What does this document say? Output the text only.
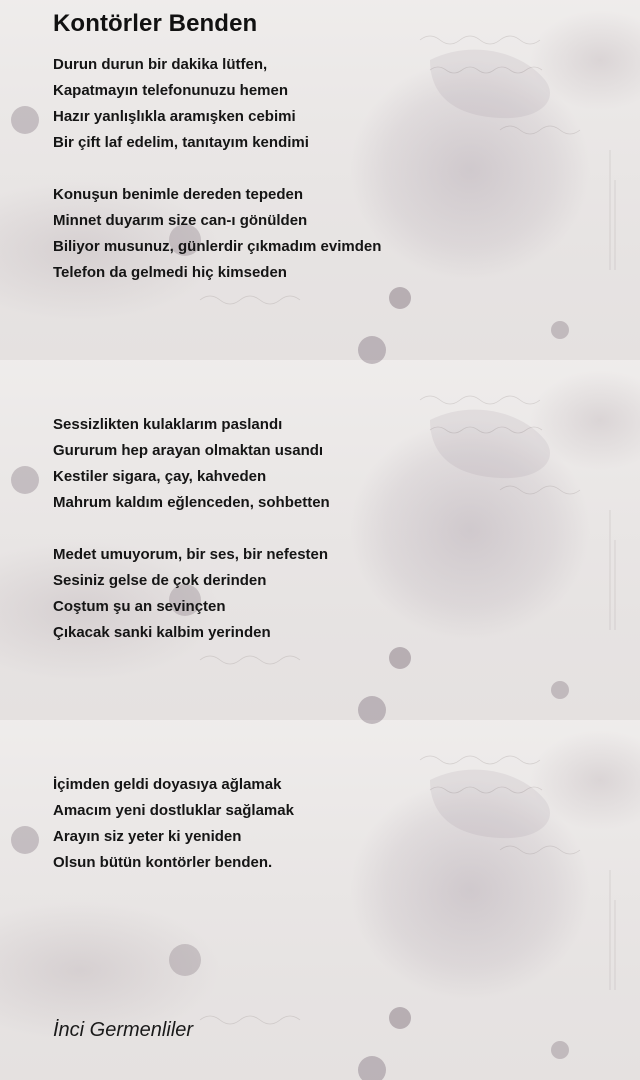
Kontörler Benden
Durun durun bir dakika lütfen,
Kapatmayın telefonunuzu hemen
Hazır yanlışlıkla aramışken cebimi
Bir çift laf edelim, tanıtayım kendimi
Konuşun benimle dereden tepeden
Minnet duyarım size can-ı gönülden
Biliyor musunuz, günlerdir çıkmadım evimden
Telefon da gelmedi hiç kimseden
Sessizlikten kulaklarım paslandı
Gururum hep arayan olmaktan usandı
Kestiler sigara, çay, kahveden
Mahrum kaldım eğlenceden, sohbetten
Medet umuyorum, bir ses, bir nefesten
Sesiniz gelse de çok derinden
Coştum şu an sevinçten
Çıkacak sanki kalbim yerinden
İçimden geldi doyasıya ağlamak
Amacım yeni dostluklar sağlamak
Arayın siz yeter ki yeniden
Olsun bütün kontörler benden.

İnci Germenliler
